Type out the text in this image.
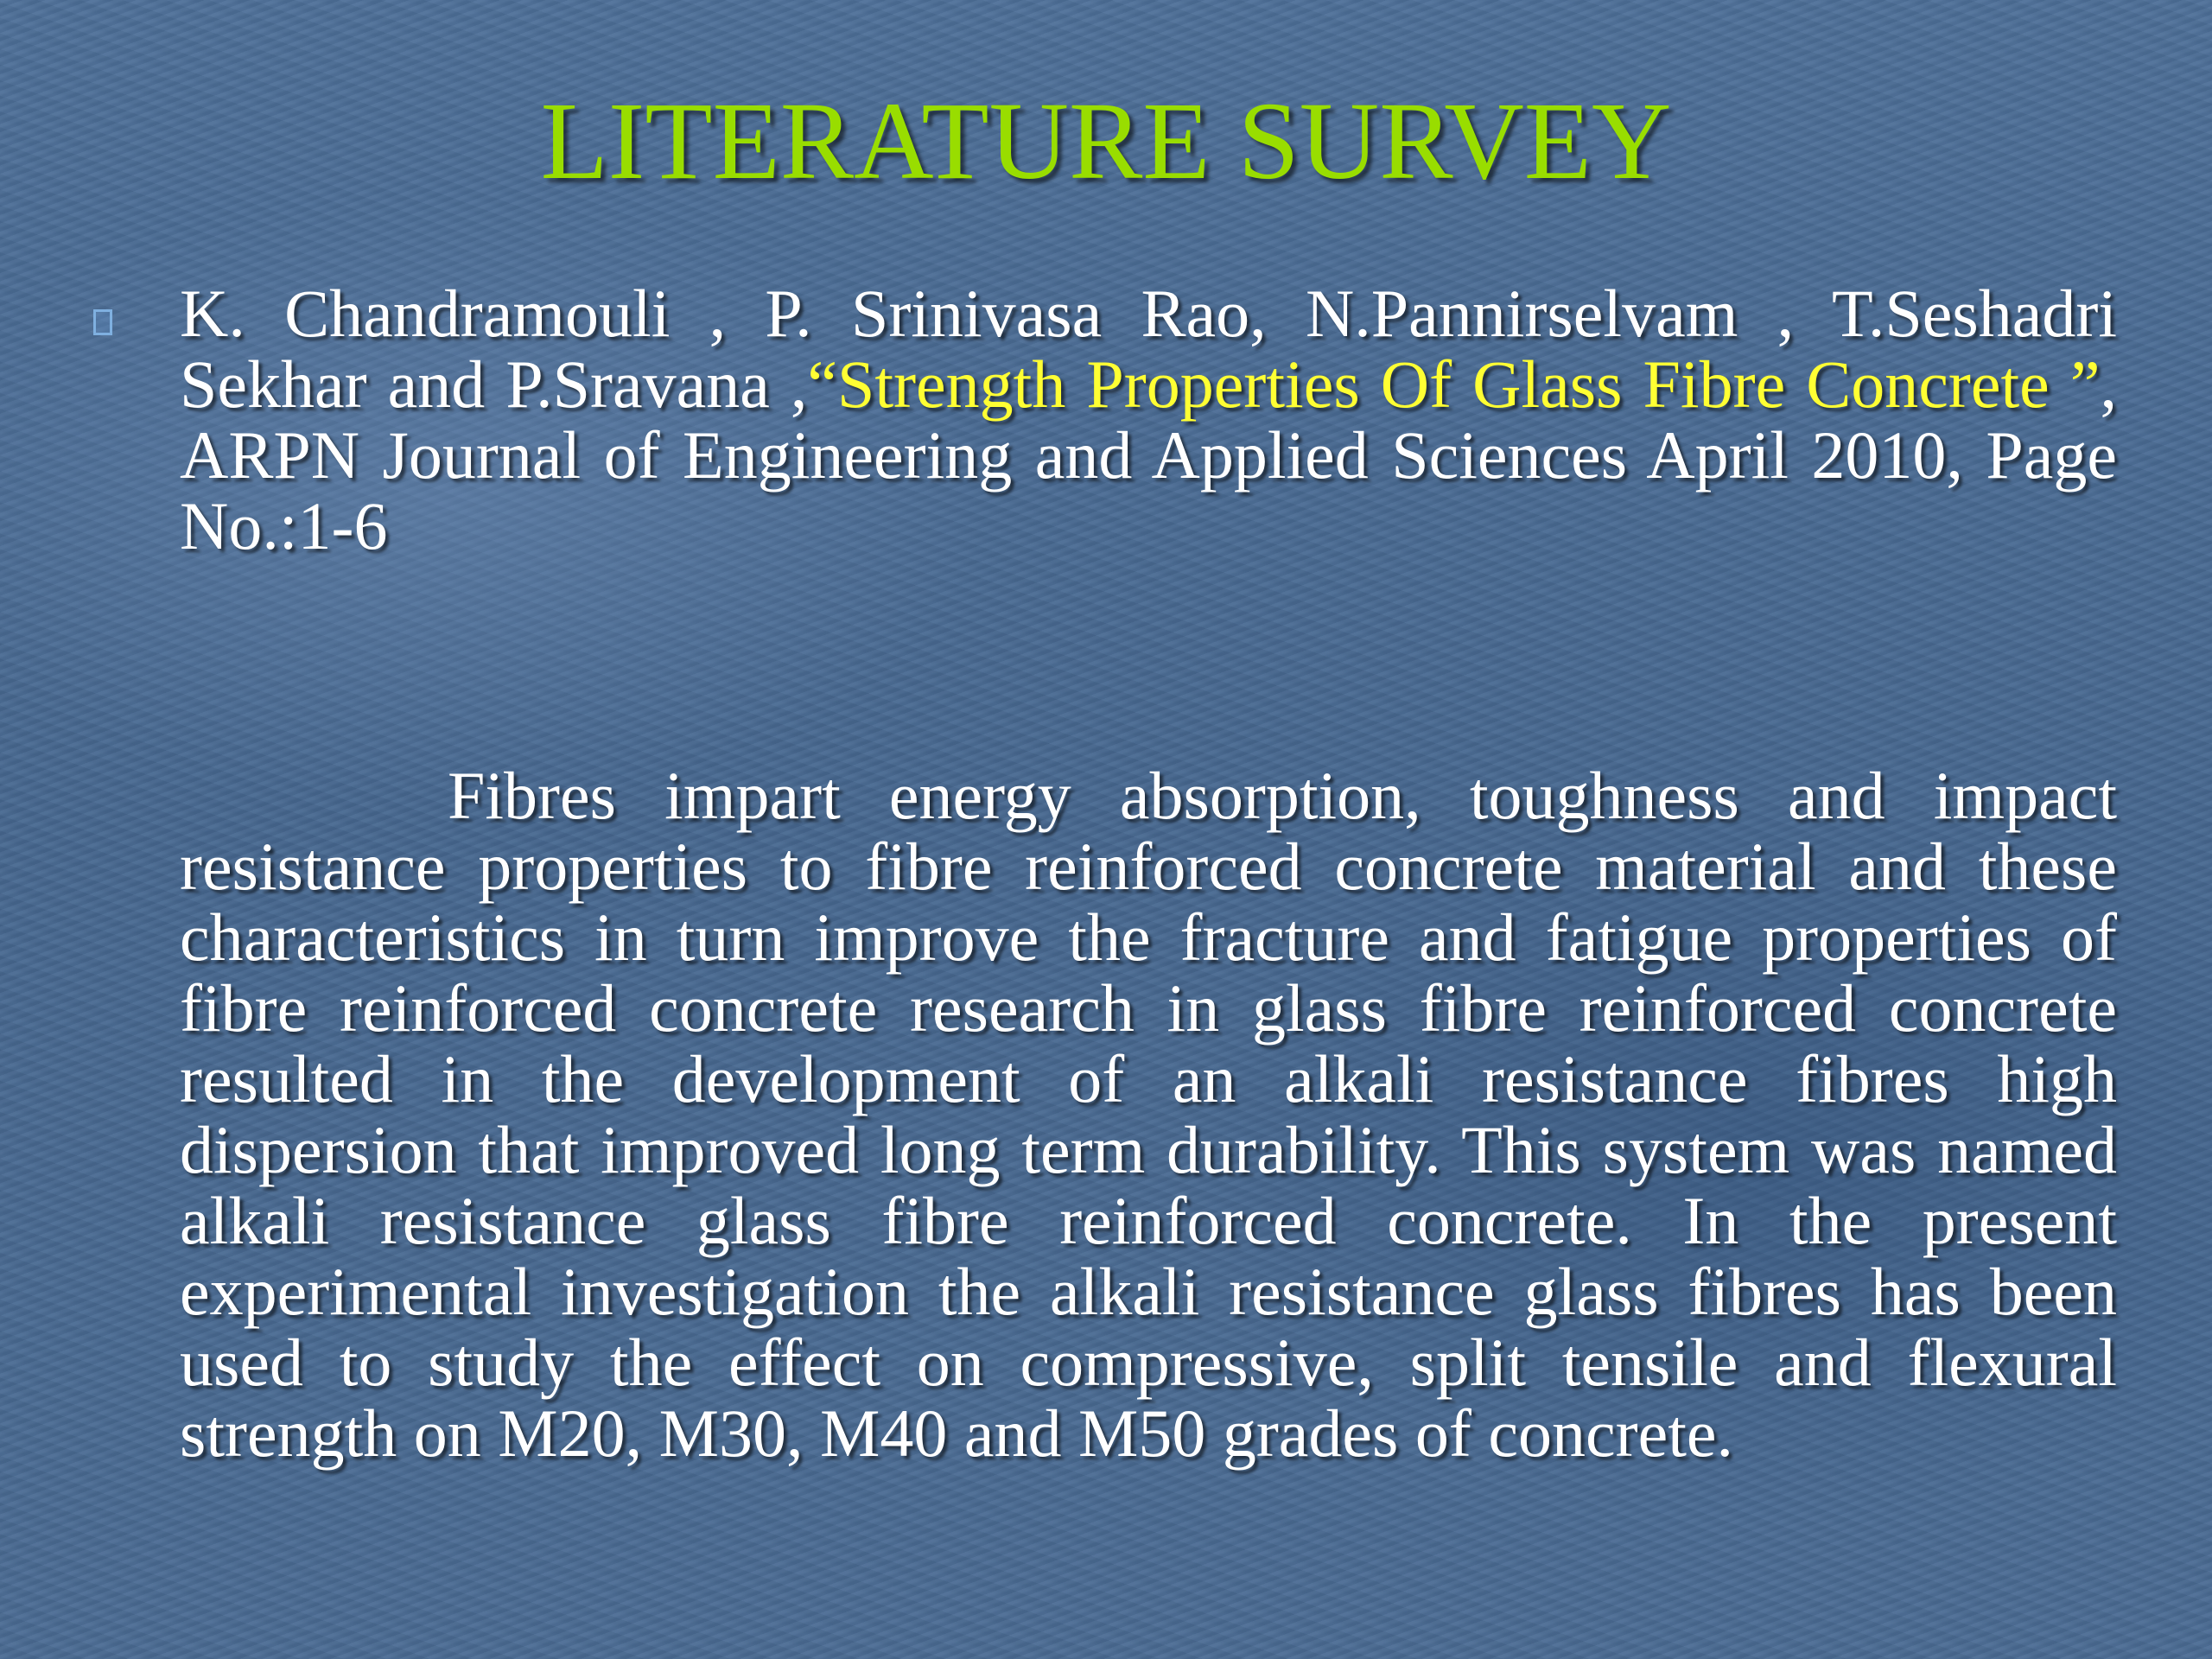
LITERATURE SURVEY
K. Chandramouli , P. Srinivasa Rao, N.Pannirselvam , T.Seshadri Sekhar and P.Sravana ,“Strength Properties Of Glass Fibre Concrete ”, ARPN Journal of Engineering and Applied Sciences April 2010, Page No.:1-6
Fibres impart energy absorption, toughness and impact resistance properties to fibre reinforced concrete material and these characteristics in turn improve the fracture and fatigue properties of fibre reinforced concrete research in glass fibre reinforced concrete resulted in the development of an alkali resistance fibres high dispersion that improved long term durability. This system was named alkali resistance glass fibre reinforced concrete. In the present experimental investigation the alkali resistance glass fibres has been used to study the effect on compressive, split tensile and flexural strength on M20, M30, M40 and M50 grades of concrete.
